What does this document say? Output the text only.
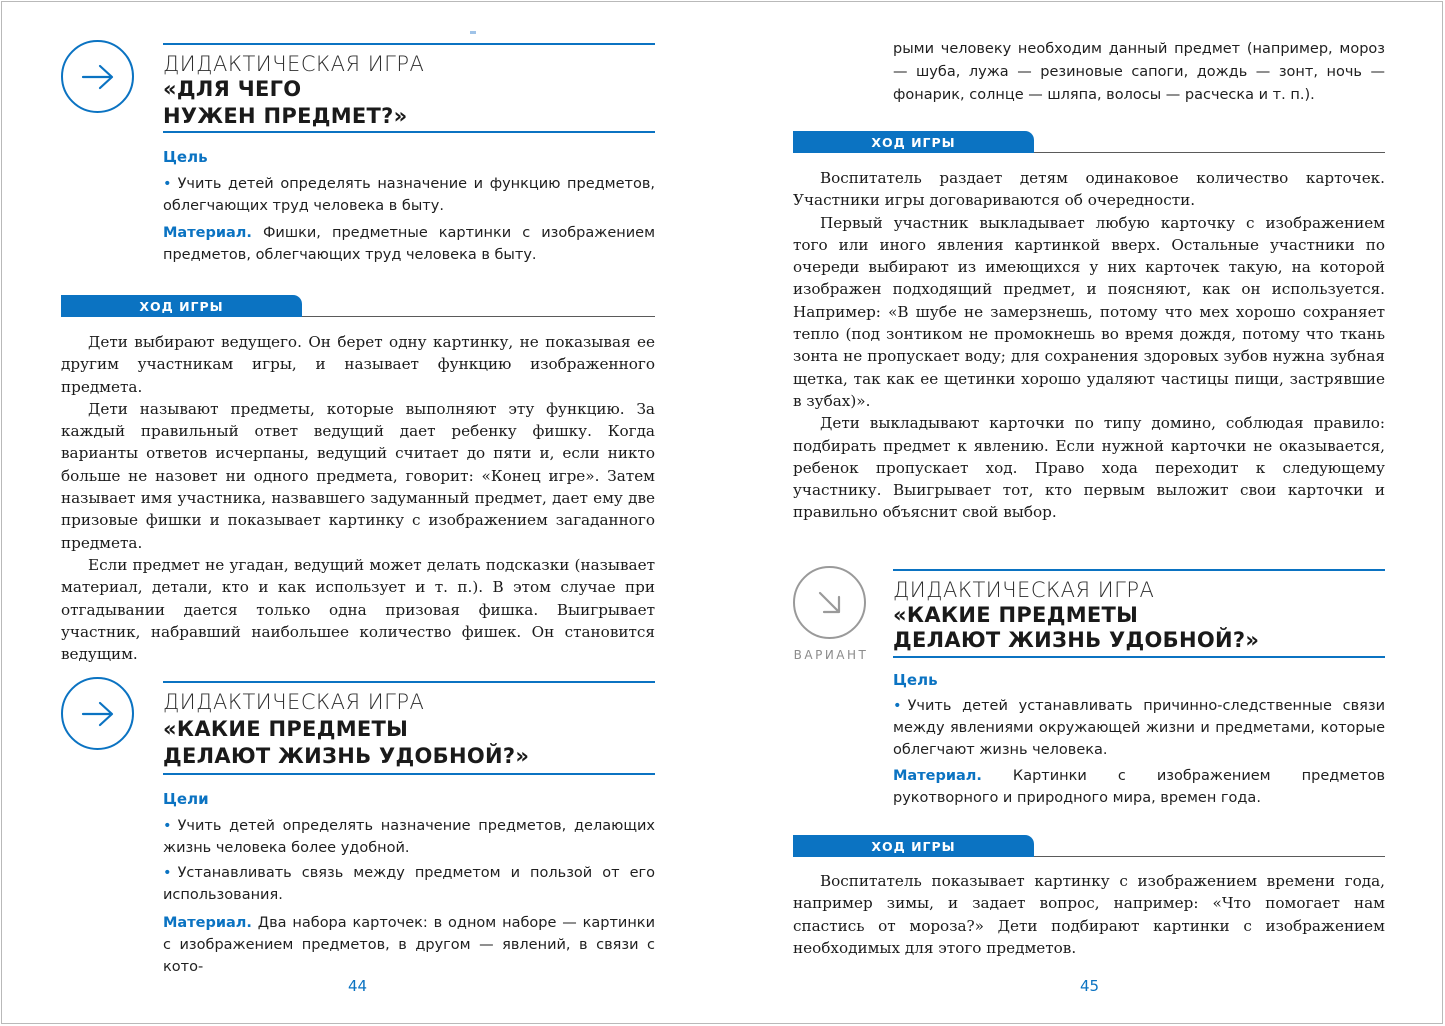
ДИДАКТИЧЕСКАЯ ИГРА
«ДЛЯ ЧЕГО
НУЖЕН ПРЕДМЕТ?»
Цель
• Учить детей определять назначение и функцию предметов, облегчающих труд человека в быту.
Материал. Фишки, предметные картинки с изображением предметов, облегчающих труд человека в быту.
ХОД ИГРЫ

Дети выбирают ведущего. Он берет одну картинку, не показывая ее другим участникам игры, и называет функцию изображенного предмета.

Дети называют предметы, которые выполняют эту функцию. За каждый правильный ответ ведущий дает ребенку фишку. Когда варианты ответов исчерпаны, ведущий считает до пяти и, если никто больше не назовет ни одного предмета, говорит: «Конец игре». Затем называет имя участника, назвавшего задуманный предмет, дает ему две призовые фишки и показывает картинку с изображением загаданного предмета.

Если предмет не угадан, ведущий может делать подсказки (называет материал, детали, кто и как использует и т. п.). В этом случае при отгадывании дается только одна призовая фишка. Выигрывает участник, набравший наибольшее количество фишек. Он становится ведущим.

ДИДАКТИЧЕСКАЯ ИГРА
«КАКИЕ ПРЕДМЕТЫ
ДЕЛАЮТ ЖИЗНЬ УДОБНОЙ?»
Цели
• Учить детей определять назначение предметов, делающих жизнь человека более удобной.
• Устанавливать связь между предметом и пользой от его использования.
Материал. Два набора карточек: в одном наборе — картинки с изображением предметов, в другом — явлений, в связи с кото-
44
рыми человеку необходим данный предмет (например, мороз — шуба, лужа — резиновые сапоги, дождь — зонт, ночь — фонарик, солнце — шляпа, волосы — расческа и т. п.).
ХОД ИГРЫ

Воспитатель раздает детям одинаковое количество карточек. Участники игры договариваются об очередности.

Первый участник выкладывает любую карточку с изображением того или иного явления картинкой вверх. Остальные участники по очереди выбирают из имеющихся у них карточек такую, на которой изображен подходящий предмет, и поясняют, как он используется. Например: «В шубе не замерзнешь, потому что мех хорошо сохраняет тепло (под зонтиком не промокнешь во время дождя, потому что ткань зонта не пропускает воду; для сохранения здоровых зубов нужна зубная щетка, так как ее щетинки хорошо удаляют частицы пищи, застрявшие в зубах)».

Дети выкладывают карточки по типу домино, соблюдая правило: подбирать предмет к явлению. Если нужной карточки не оказывается, ребенок пропускает ход. Право хода переходит к следующему участнику. Выигрывает тот, кто первым выложит свои карточки и правильно объяснит свой выбор.

ВАРИАНТ
ДИДАКТИЧЕСКАЯ ИГРА
«КАКИЕ ПРЕДМЕТЫ
ДЕЛАЮТ ЖИЗНЬ УДОБНОЙ?»
Цель
• Учить детей устанавливать причинно-следственные связи между явлениями окружающей жизни и предметами, которые облегчают жизнь человека.
Материал. Картинки с изображением предметов рукотворного и природного мира, времен года.
ХОД ИГРЫ

Воспитатель показывает картинку с изображением времени года, например зимы, и задает вопрос, например: «Что помогает нам спастись от мороза?» Дети подбирают картинки с изображением необходимых для этого предметов.

45
